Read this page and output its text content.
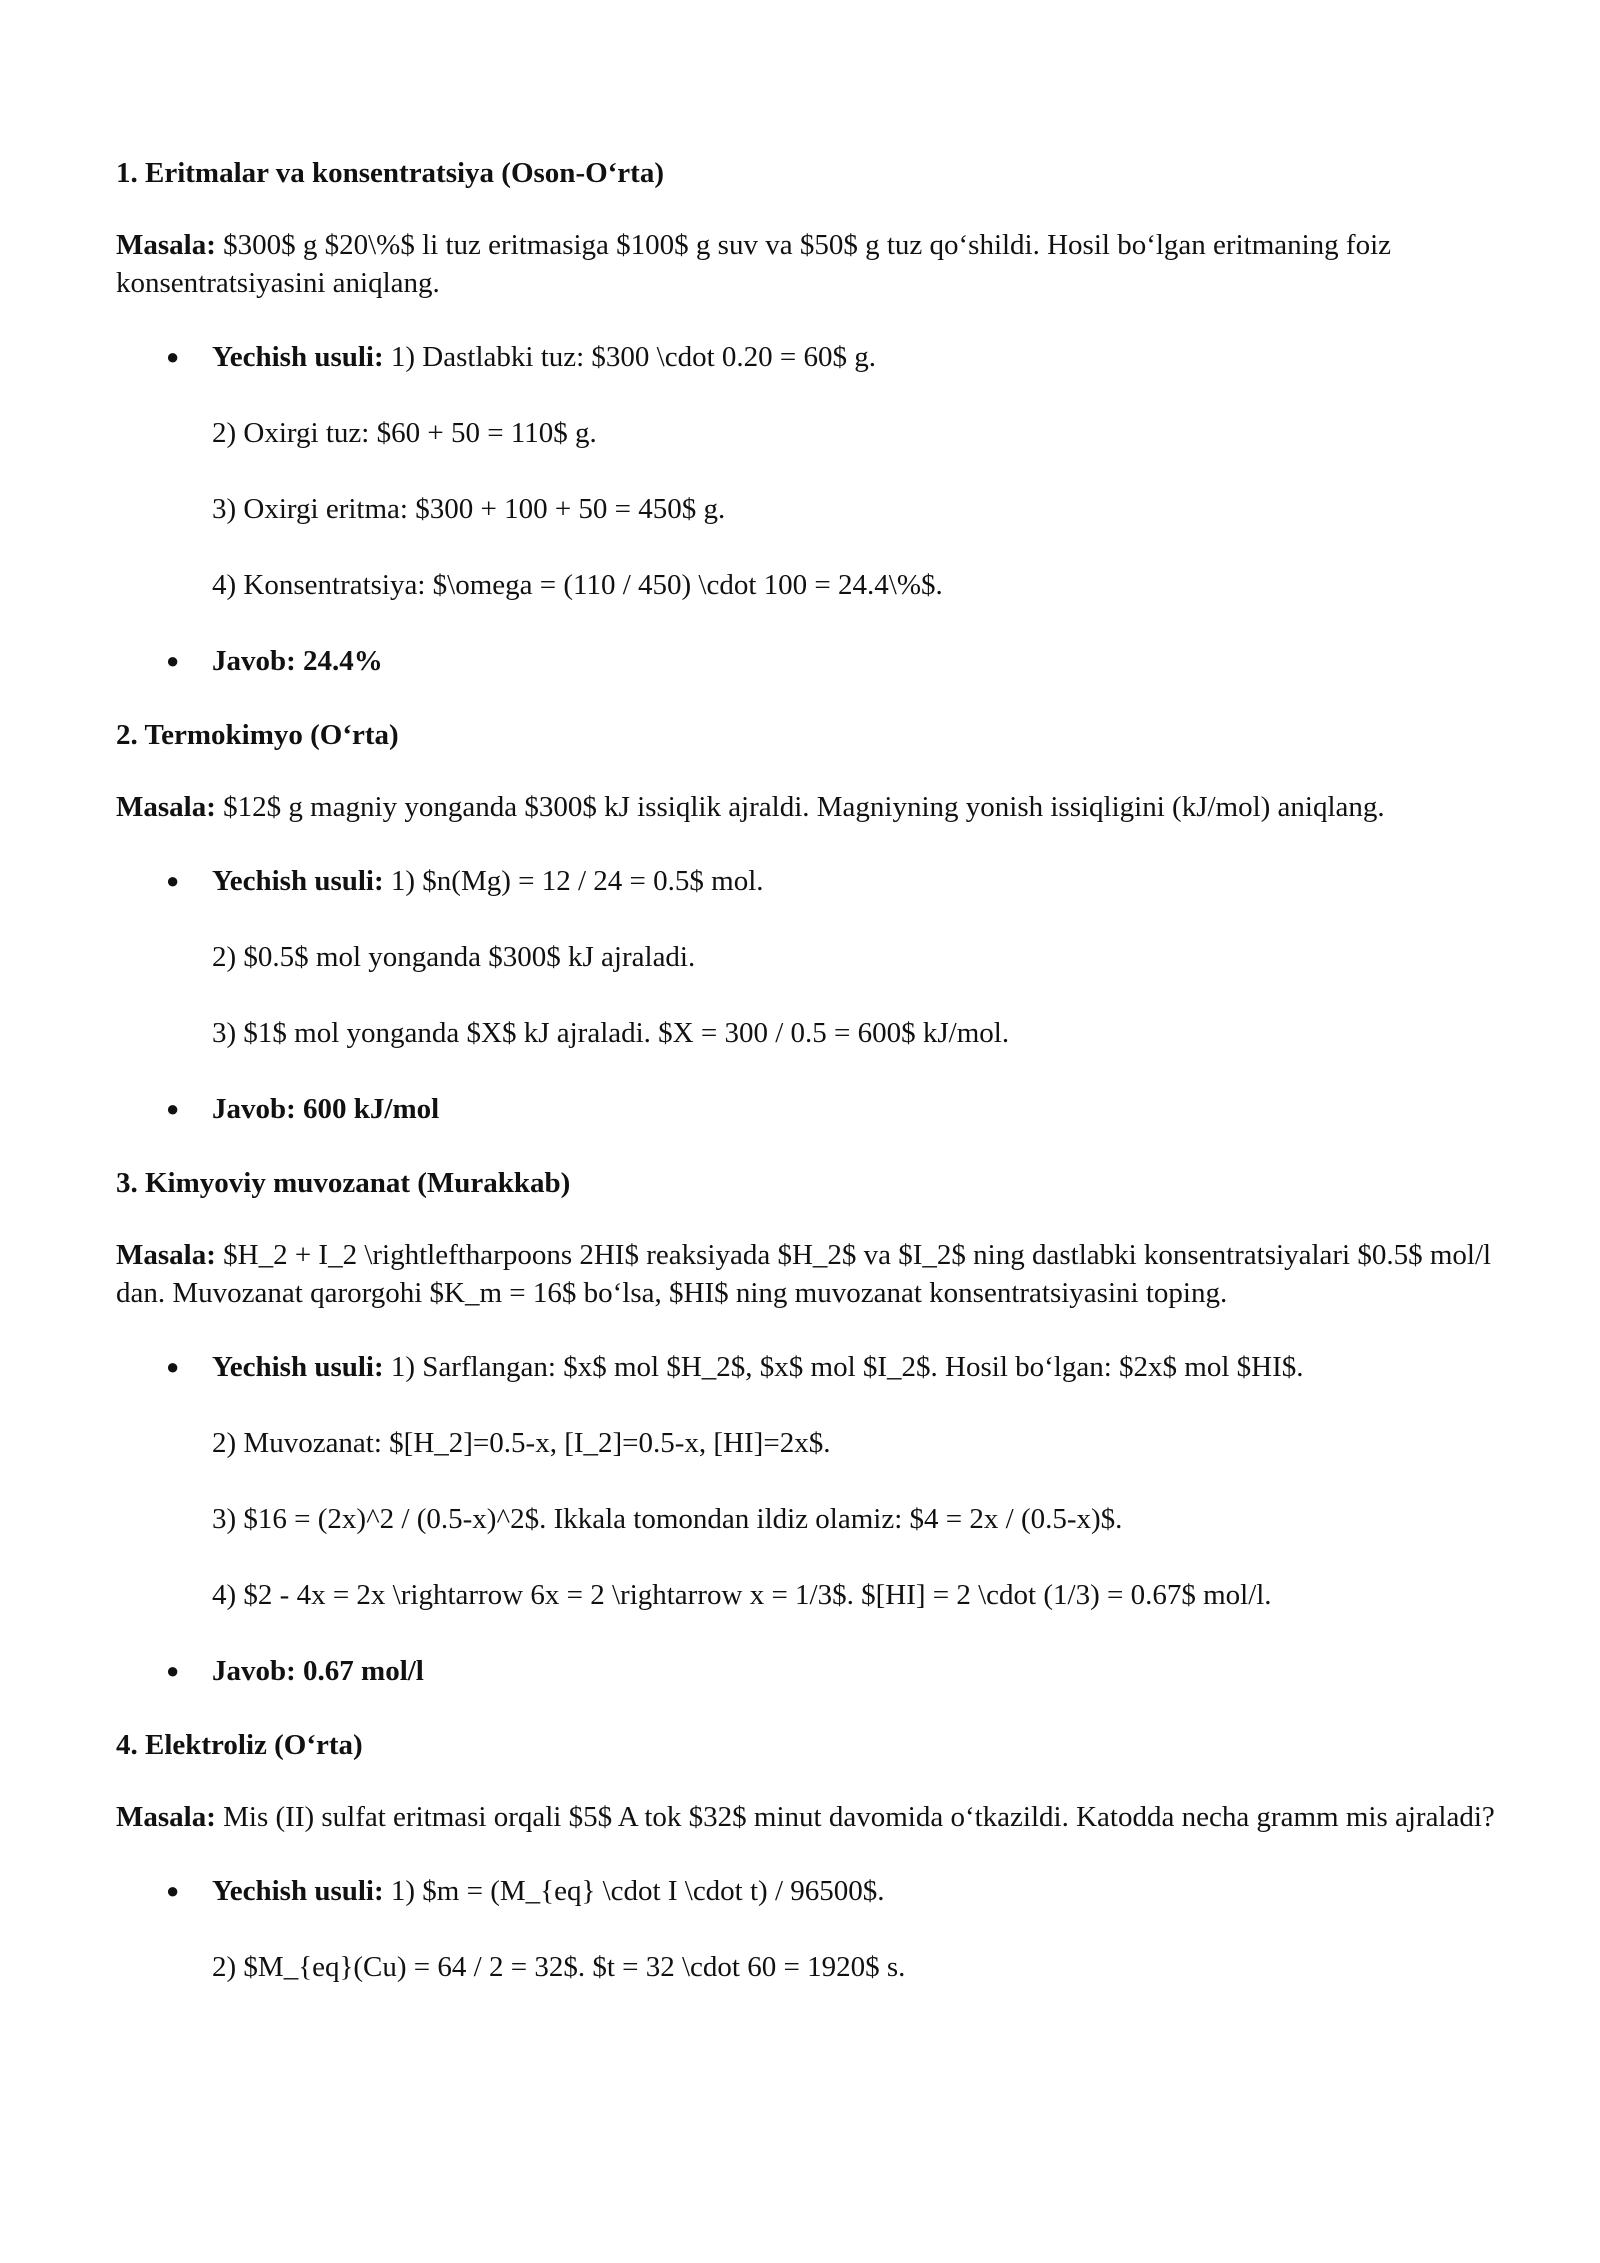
1. Eritmalar va konsentratsiya (Oson-O‘rta)

Masala: $300$ g $20\%$ li tuz eritmasiga $100$ g suv va $50$ g tuz qo‘shildi. Hosil bo‘lgan eritmaning foiz konsentratsiyasini aniqlang.

● Yechish usuli: 1) Dastlabki tuz: $300 \cdot 0.20 = 60$ g.

2) Oxirgi tuz: $60 + 50 = 110$ g.

3) Oxirgi eritma: $300 + 100 + 50 = 450$ g.

4) Konsentratsiya: $\omega = (110 / 450) \cdot 100 = 24.4\%$.

● Javob: 24.4%

2. Termokimyo (O‘rta)

Masala: $12$ g magniy yonganda $300$ kJ issiqlik ajraldi. Magniyning yonish issiqligini (kJ/mol) aniqlang.

● Yechish usuli: 1) $n(Mg) = 12 / 24 = 0.5$ mol.

2) $0.5$ mol yonganda $300$ kJ ajraladi.

3) $1$ mol yonganda $X$ kJ ajraladi. $X = 300 / 0.5 = 600$ kJ/mol.

● Javob: 600 kJ/mol

3. Kimyoviy muvozanat (Murakkab)

Masala: $H_2 + I_2 \rightleftharpoons 2HI$ reaksiyada $H_2$ va $I_2$ ning dastlabki konsentratsiyalari $0.5$ mol/l dan. Muvozanat qarorgohi $K_m = 16$ bo‘lsa, $HI$ ning muvozanat konsentratsiyasini toping.

● Yechish usuli: 1) Sarflangan: $x$ mol $H_2$, $x$ mol $I_2$. Hosil bo‘lgan: $2x$ mol $HI$.

2) Muvozanat: $[H_2]=0.5-x, [I_2]=0.5-x, [HI]=2x$.

3) $16 = (2x)^2 / (0.5-x)^2$. Ikkala tomondan ildiz olamiz: $4 = 2x / (0.5-x)$.

4) $2 - 4x = 2x \rightarrow 6x = 2 \rightarrow x = 1/3$. $[HI] = 2 \cdot (1/3) = 0.67$ mol/l.

● Javob: 0.67 mol/l

4. Elektroliz (O‘rta)

Masala: Mis (II) sulfat eritmasi orqali $5$ A tok $32$ minut davomida o‘tkazildi. Katodda necha gramm mis ajraladi?

● Yechish usuli: 1) $m = (M_{eq} \cdot I \cdot t) / 96500$.

2) $M_{eq}(Cu) = 64 / 2 = 32$. $t = 32 \cdot 60 = 1920$ s.
